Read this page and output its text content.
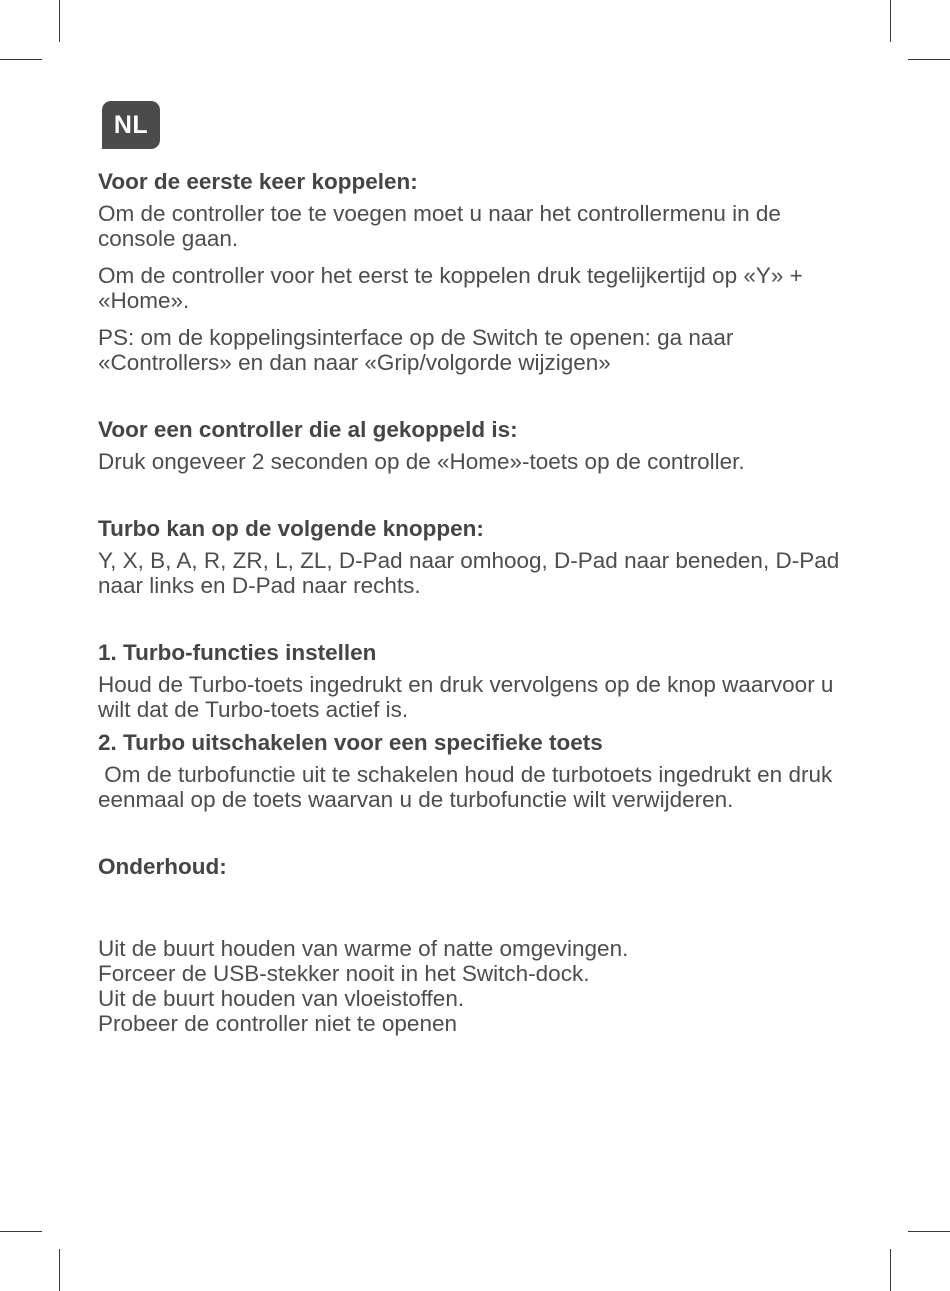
NL
Voor de eerste keer koppelen:

Om de controller toe te voegen moet u naar het controllermenu in de console gaan.

Om de controller voor het eerst te koppelen druk tegelijkertijd op «Y» + «Home».

PS: om de koppelingsinterface op de Switch te openen: ga naar «Controllers» en dan naar «Grip/volgorde wijzigen»

Voor een controller die al gekoppeld is:

Druk ongeveer 2 seconden op de «Home»-toets op de controller.

Turbo kan op de volgende knoppen:

Y, X, B, A, R, ZR, L, ZL, D-Pad naar omhoog, D-Pad naar beneden, D-Pad naar links en D-Pad naar rechts.

1. Turbo-functies instellen

Houd de Turbo-toets ingedrukt en druk vervolgens op de knop waarvoor u wilt dat de Turbo-toets actief is.

2. Turbo uitschakelen voor een specifieke toets

Om de turbofunctie uit te schakelen houd de turbotoets ingedrukt en druk eenmaal op de toets waarvan u de turbofunctie wilt verwijderen.

Onderhoud:

Uit de buurt houden van warme of natte omgevingen.
Forceer de USB-stekker nooit in het Switch-dock.
Uit de buurt houden van vloeistoffen.
Probeer de controller niet te openen
